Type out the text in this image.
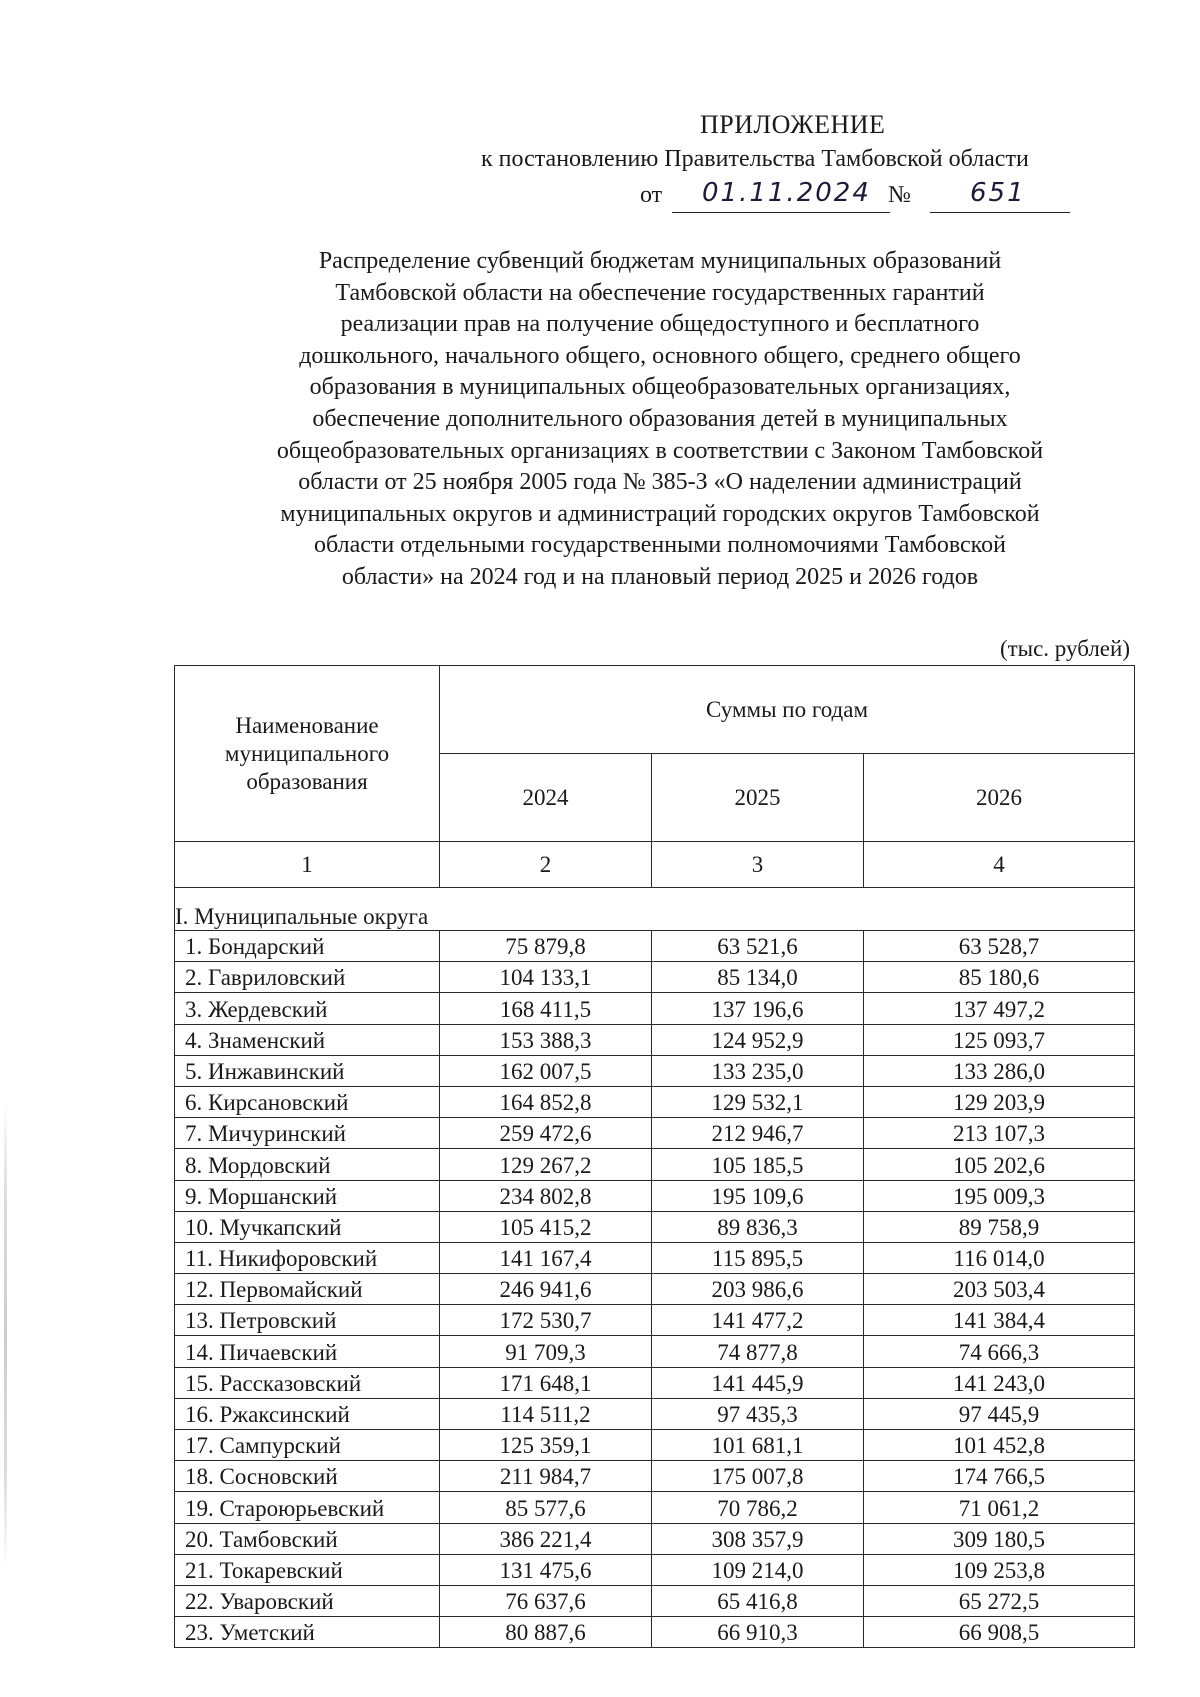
ПРИЛОЖЕНИЕ
к постановлению Правительства Тамбовской области
от 01.11.2024 № 651
Распределение субвенций бюджетам муниципальных образований
Тамбовской области на обеспечение государственных гарантий
реализации прав на получение общедоступного и бесплатного
дошкольного, начального общего, основного общего, среднего общего
образования в муниципальных общеобразовательных организациях,
обеспечение дополнительного образования детей в муниципальных
общеобразовательных организациях в соответствии с Законом Тамбовской
области от 25 ноября 2005 года № 385-З «О наделении администраций
муниципальных округов и администраций городских округов Тамбовской
области отдельными государственными полномочиями Тамбовской
области» на 2024 год и на плановый период 2025 и 2026 годов
(тыс. рублей)
Наименование муниципального образования	Суммы по годам		
	2024	2025	2026
1	2	3	4
I. Муниципальные округа			
1. Бондарский	75 879,8	63 521,6	63 528,7
2. Гавриловский	104 133,1	85 134,0	85 180,6
3. Жердевский	168 411,5	137 196,6	137 497,2
4. Знаменский	153 388,3	124 952,9	125 093,7
5. Инжавинский	162 007,5	133 235,0	133 286,0
6. Кирсановский	164 852,8	129 532,1	129 203,9
7. Мичуринский	259 472,6	212 946,7	213 107,3
8. Мордовский	129 267,2	105 185,5	105 202,6
9. Моршанский	234 802,8	195 109,6	195 009,3
10. Мучкапский	105 415,2	89 836,3	89 758,9
11. Никифоровский	141 167,4	115 895,5	116 014,0
12. Первомайский	246 941,6	203 986,6	203 503,4
13. Петровский	172 530,7	141 477,2	141 384,4
14. Пичаевский	91 709,3	74 877,8	74 666,3
15. Рассказовский	171 648,1	141 445,9	141 243,0
16. Ржаксинский	114 511,2	97 435,3	97 445,9
17. Сампурский	125 359,1	101 681,1	101 452,8
18. Сосновский	211 984,7	175 007,8	174 766,5
19. Староюрьевский	85 577,6	70 786,2	71 061,2
20. Тамбовский	386 221,4	308 357,9	309 180,5
21. Токаревский	131 475,6	109 214,0	109 253,8
22. Уваровский	76 637,6	65 416,8	65 272,5
23. Уметский	80 887,6	66 910,3	66 908,5
